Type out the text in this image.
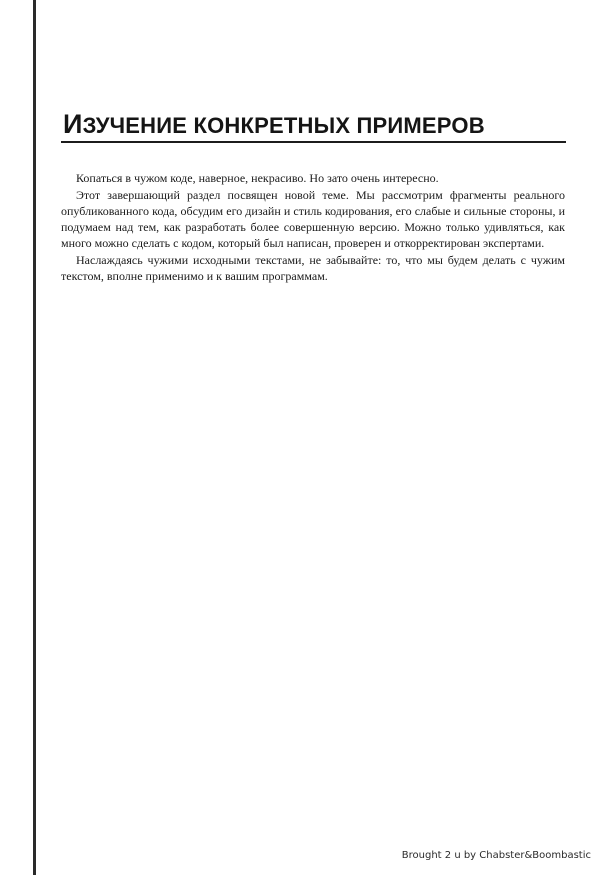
ИЗУЧЕНИЕ КОНКРЕТНЫХ ПРИМЕРОВ

Копаться в чужом коде, наверное, некрасиво. Но зато очень интересно.

Этот завершающий раздел посвящен новой теме. Мы рассмотрим фрагменты реального опубликованного кода, обсудим его дизайн и стиль кодирования, его слабые и сильные стороны, и подумаем над тем, как разработать более совершенную версию. Можно только удивляться, как много можно сделать с кодом, который был написан, проверен и откорректирован экспертами.

Наслаждаясь чужими исходными текстами, не забывайте: то, что мы будем делать с чужим текстом, вполне применимо и к вашим программам.

Brought 2 u by Chabster&Boombastic
